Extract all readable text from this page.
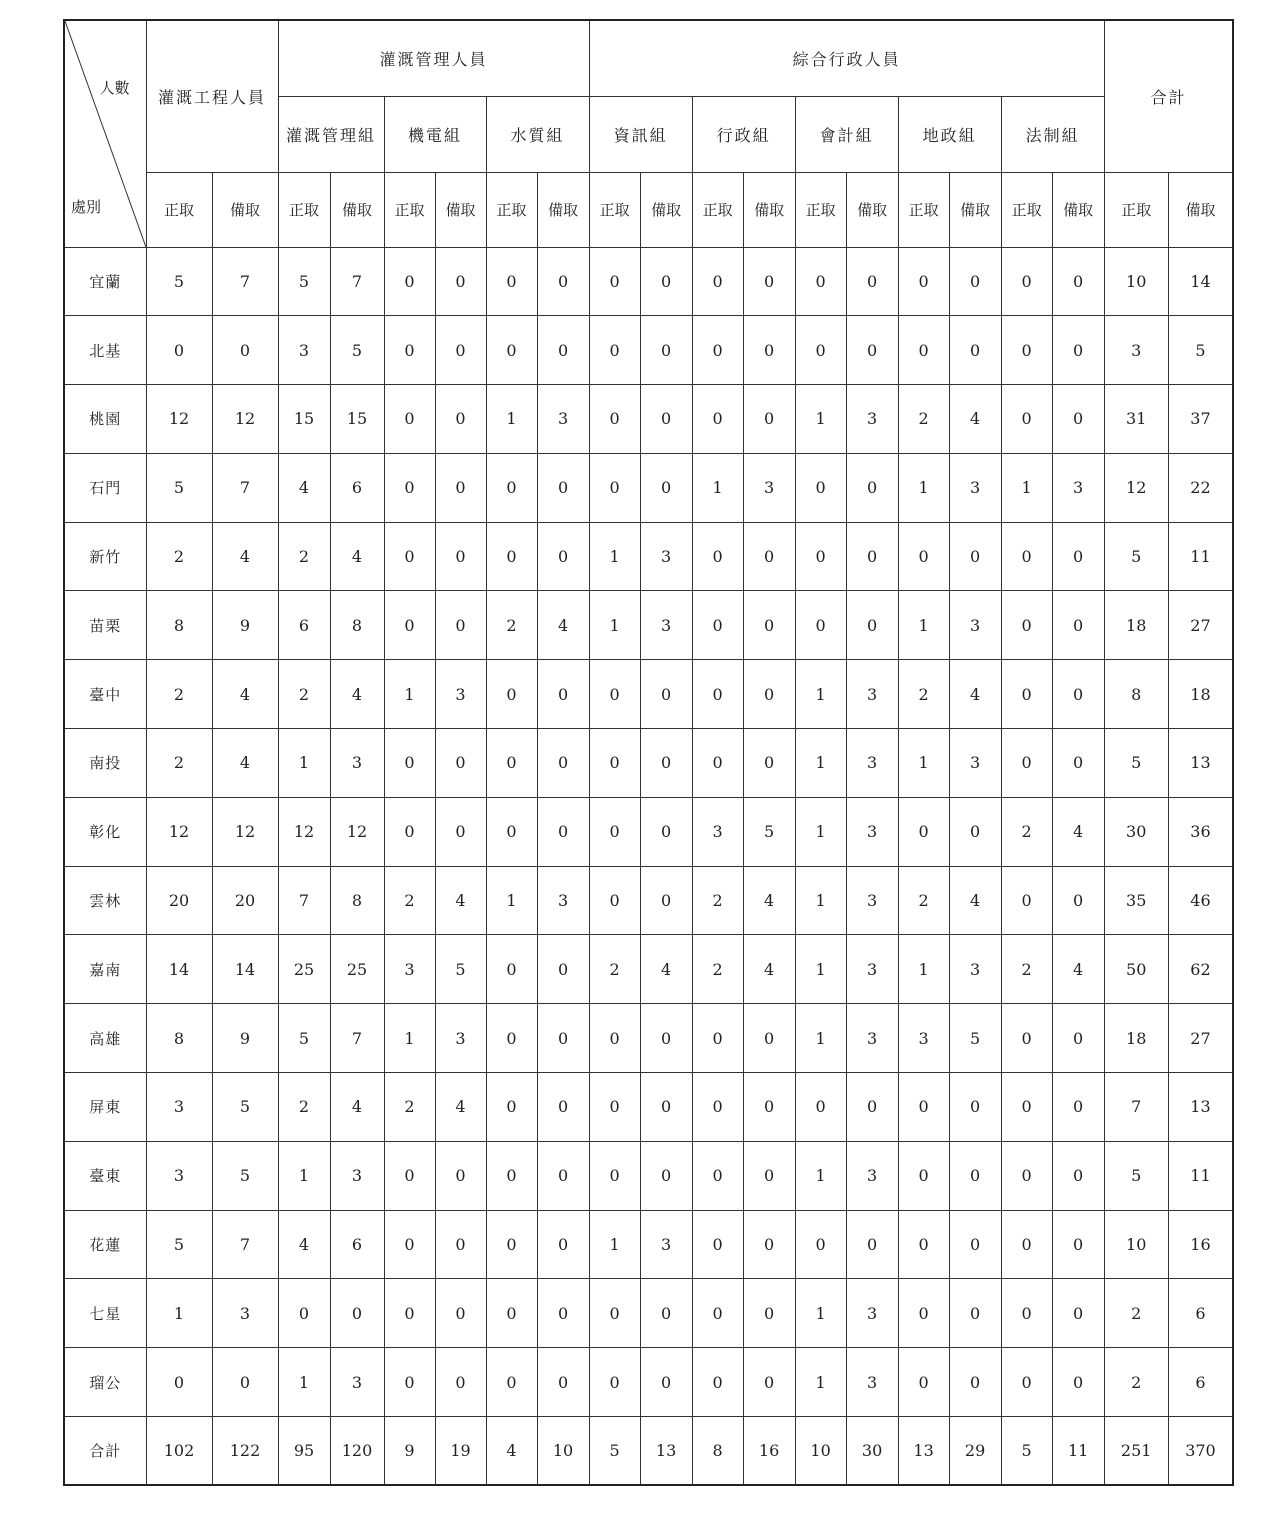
人數
處別	灌溉工程人員		灌溉管理人員						綜合行政人員										合計	
			灌溉管理組		機電組		水質組		資訊組		行政組		會計組		地政組		法制組			
	正取	備取	正取	備取	正取	備取	正取	備取	正取	備取	正取	備取	正取	備取	正取	備取	正取	備取	正取	備取
宜蘭	5	7	5	7	0	0	0	0	0	0	0	0	0	0	0	0	0	0	10	14
北基	0	0	3	5	0	0	0	0	0	0	0	0	0	0	0	0	0	0	3	5
桃園	12	12	15	15	0	0	1	3	0	0	0	0	1	3	2	4	0	0	31	37
石門	5	7	4	6	0	0	0	0	0	0	1	3	0	0	1	3	1	3	12	22
新竹	2	4	2	4	0	0	0	0	1	3	0	0	0	0	0	0	0	0	5	11
苗栗	8	9	6	8	0	0	2	4	1	3	0	0	0	0	1	3	0	0	18	27
臺中	2	4	2	4	1	3	0	0	0	0	0	0	1	3	2	4	0	0	8	18
南投	2	4	1	3	0	0	0	0	0	0	0	0	1	3	1	3	0	0	5	13
彰化	12	12	12	12	0	0	0	0	0	0	3	5	1	3	0	0	2	4	30	36
雲林	20	20	7	8	2	4	1	3	0	0	2	4	1	3	2	4	0	0	35	46
嘉南	14	14	25	25	3	5	0	0	2	4	2	4	1	3	1	3	2	4	50	62
高雄	8	9	5	7	1	3	0	0	0	0	0	0	1	3	3	5	0	0	18	27
屏東	3	5	2	4	2	4	0	0	0	0	0	0	0	0	0	0	0	0	7	13
臺東	3	5	1	3	0	0	0	0	0	0	0	0	1	3	0	0	0	0	5	11
花蓮	5	7	4	6	0	0	0	0	1	3	0	0	0	0	0	0	0	0	10	16
七星	1	3	0	0	0	0	0	0	0	0	0	0	1	3	0	0	0	0	2	6
瑠公	0	0	1	3	0	0	0	0	0	0	0	0	1	3	0	0	0	0	2	6
合計	102	122	95	120	9	19	4	10	5	13	8	16	10	30	13	29	5	11	251	370
